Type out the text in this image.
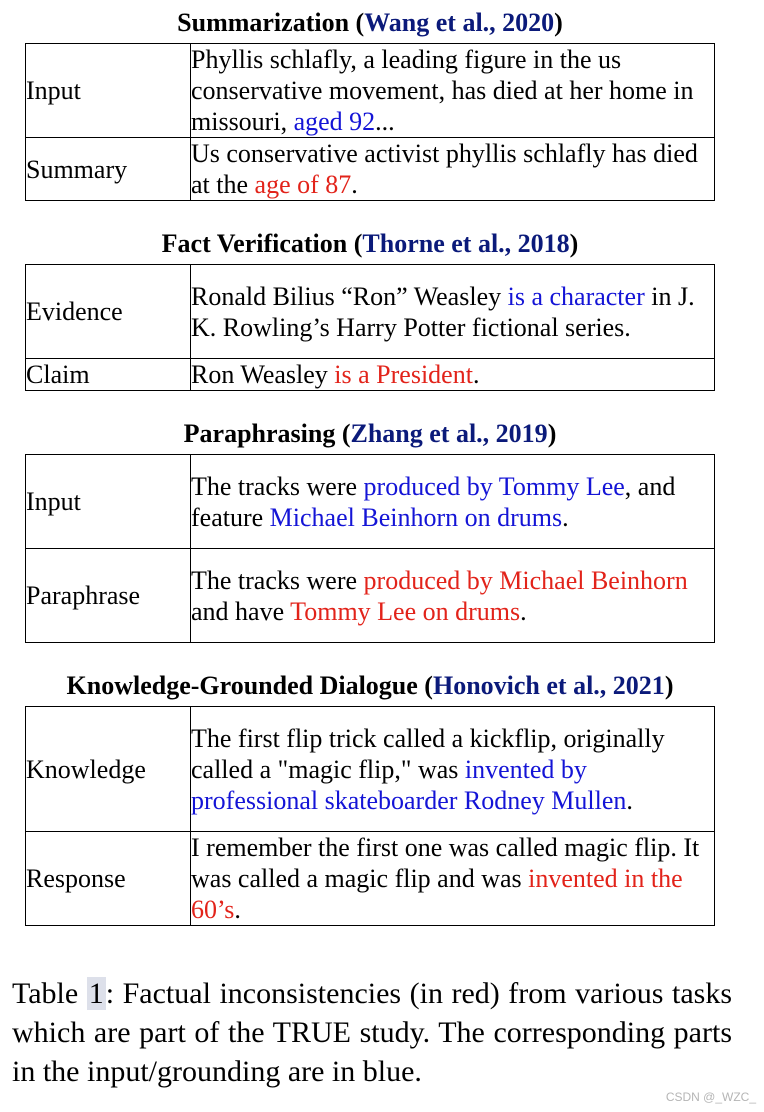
Summarization (Wang et al., 2020)
Input	Phyllis schlafly, a leading figure in the us conservative movement, has died at her home in missouri, aged 92...
Summary	Us conservative activist phyllis schlafly has died at the age of 87.
Fact Verification (Thorne et al., 2018)
Evidence	Ronald Bilius “Ron” Weasley is a character in J. K. Rowling’s Harry Potter fictional series.
Claim	Ron Weasley is a President.
Paraphrasing (Zhang et al., 2019)
Input	The tracks were produced by Tommy Lee, and feature Michael Beinhorn on drums.
Paraphrase	The tracks were produced by Michael Beinhorn and have Tommy Lee on drums.
Knowledge-Grounded Dialogue (Honovich et al., 2021)
Knowledge	The first flip trick called a kickflip, originally called a "magic flip," was invented by professional skateboarder Rodney Mullen.
Response	I remember the first one was called magic flip. It was called a magic flip and was invented in the 60’s.
Table 1: Factual inconsistencies (in red) from various tasks which are part of the TRUE study. The corresponding parts in the input/grounding are in blue.
CSDN @_WZC_
